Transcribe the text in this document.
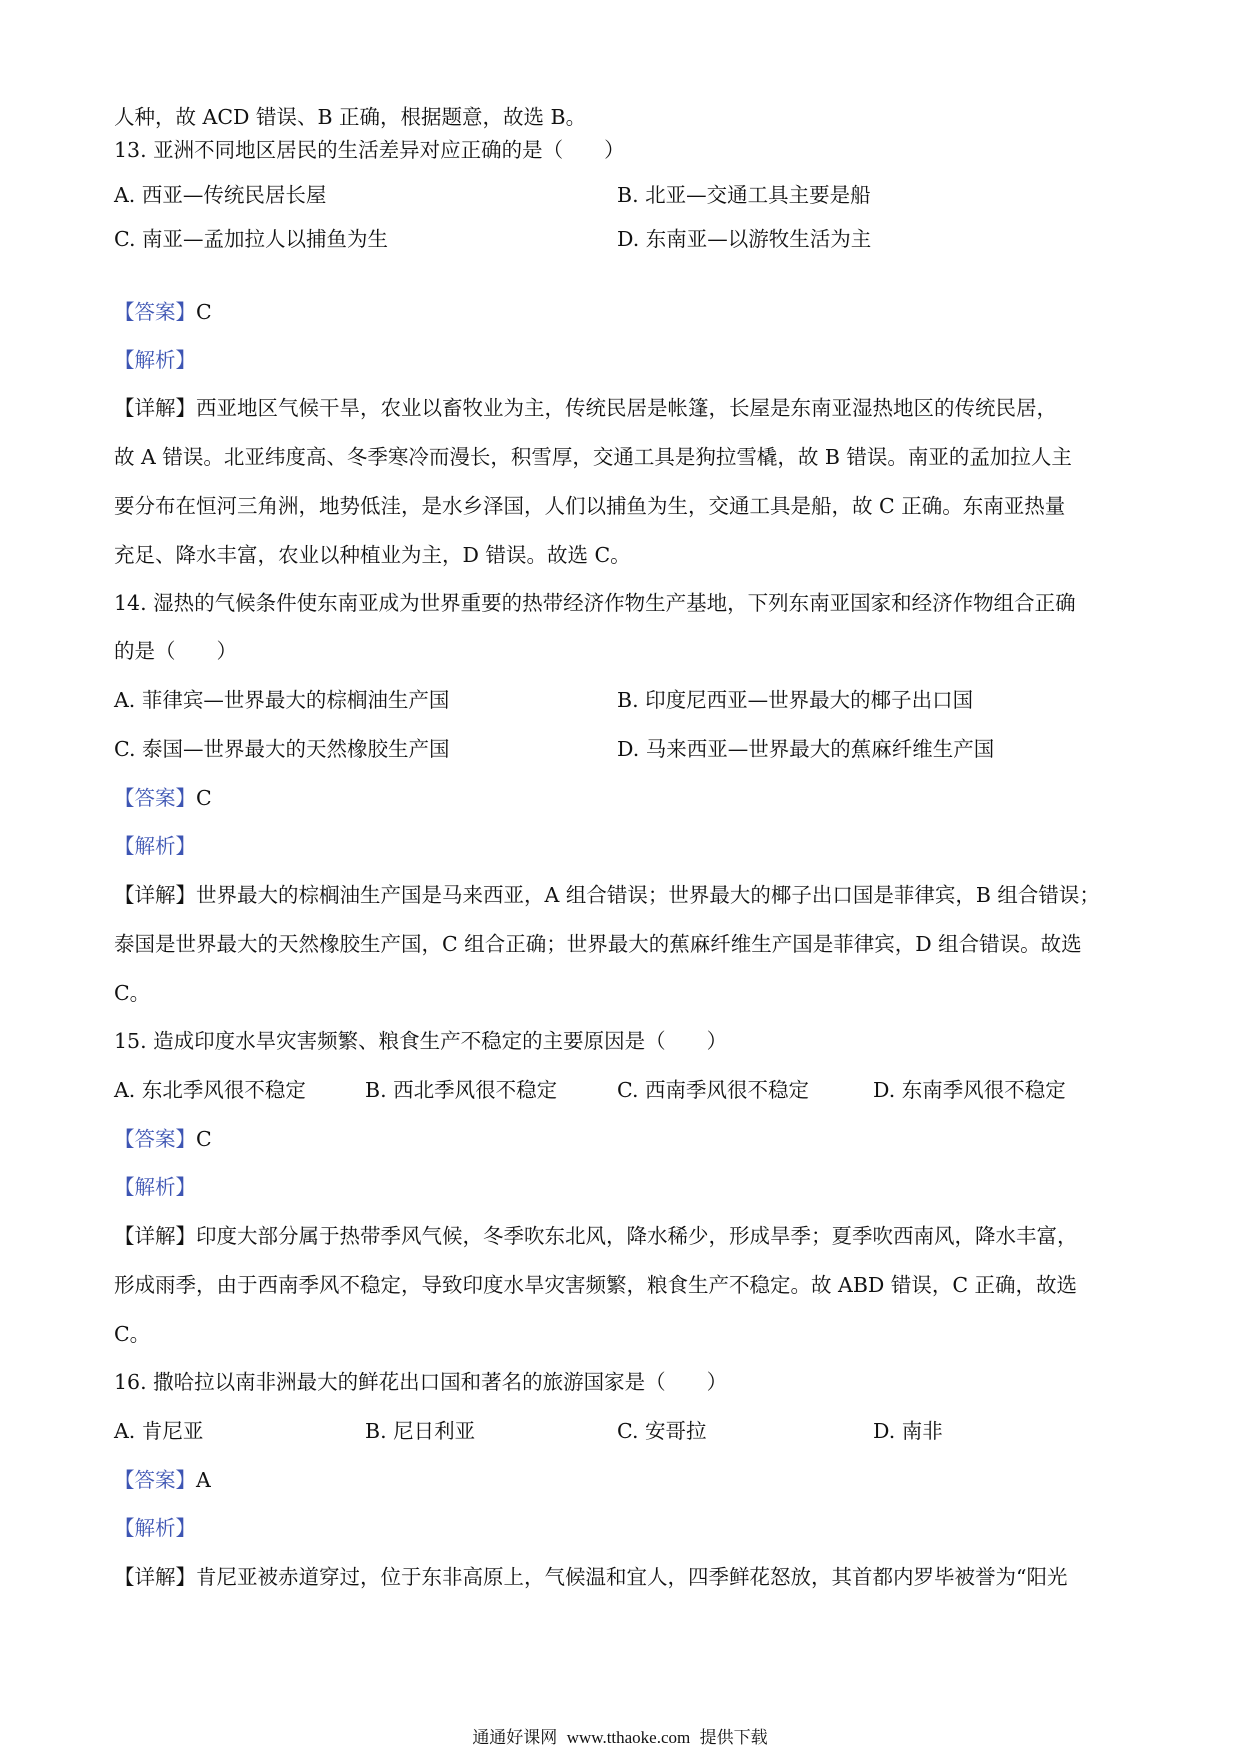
人种，故 ACD 错误、B 正确，根据题意，故选 B。
13. 亚洲不同地区居民的生活差异对应正确的是（　　）
A. 西亚—传统民居长屋	B. 北亚—交通工具主要是船
C. 南亚—孟加拉人以捕鱼为生	D. 东南亚—以游牧生活为主
【答案】C
【解析】
【详解】西亚地区气候干旱，农业以畜牧业为主，传统民居是帐篷，长屋是东南亚湿热地区的传统民居，
故 A 错误。北亚纬度高、冬季寒冷而漫长，积雪厚，交通工具是狗拉雪橇，故 B 错误。南亚的孟加拉人主
要分布在恒河三角洲，地势低洼，是水乡泽国，人们以捕鱼为生，交通工具是船，故 C 正确。东南亚热量
充足、降水丰富，农业以种植业为主，D 错误。故选 C。
14. 湿热的气候条件使东南亚成为世界重要的热带经济作物生产基地，下列东南亚国家和经济作物组合正确
的是（　　）
A. 菲律宾—世界最大的棕榈油生产国	B. 印度尼西亚—世界最大的椰子出口国
C. 泰国—世界最大的天然橡胶生产国	D. 马来西亚—世界最大的蕉麻纤维生产国
【答案】C
【解析】
【详解】世界最大的棕榈油生产国是马来西亚，A 组合错误；世界最大的椰子出口国是菲律宾，B 组合错误；
泰国是世界最大的天然橡胶生产国，C 组合正确；世界最大的蕉麻纤维生产国是菲律宾，D 组合错误。故选
C。
15. 造成印度水旱灾害频繁、粮食生产不稳定的主要原因是（　　）
A. 东北季风很不稳定	B. 西北季风很不稳定	C. 西南季风很不稳定	D. 东南季风很不稳定
【答案】C
【解析】
【详解】印度大部分属于热带季风气候，冬季吹东北风，降水稀少，形成旱季；夏季吹西南风，降水丰富，
形成雨季，由于西南季风不稳定，导致印度水旱灾害频繁，粮食生产不稳定。故 ABD 错误，C 正确，故选
C。
16. 撒哈拉以南非洲最大的鲜花出口国和著名的旅游国家是（　　）
A. 肯尼亚	B. 尼日利亚	C. 安哥拉	D. 南非
【答案】A
【解析】
【详解】肯尼亚被赤道穿过，位于东非高原上，气候温和宜人，四季鲜花怒放，其首都内罗毕被誉为“阳光
通通好课网 www.tthaoke.com 提供下载
